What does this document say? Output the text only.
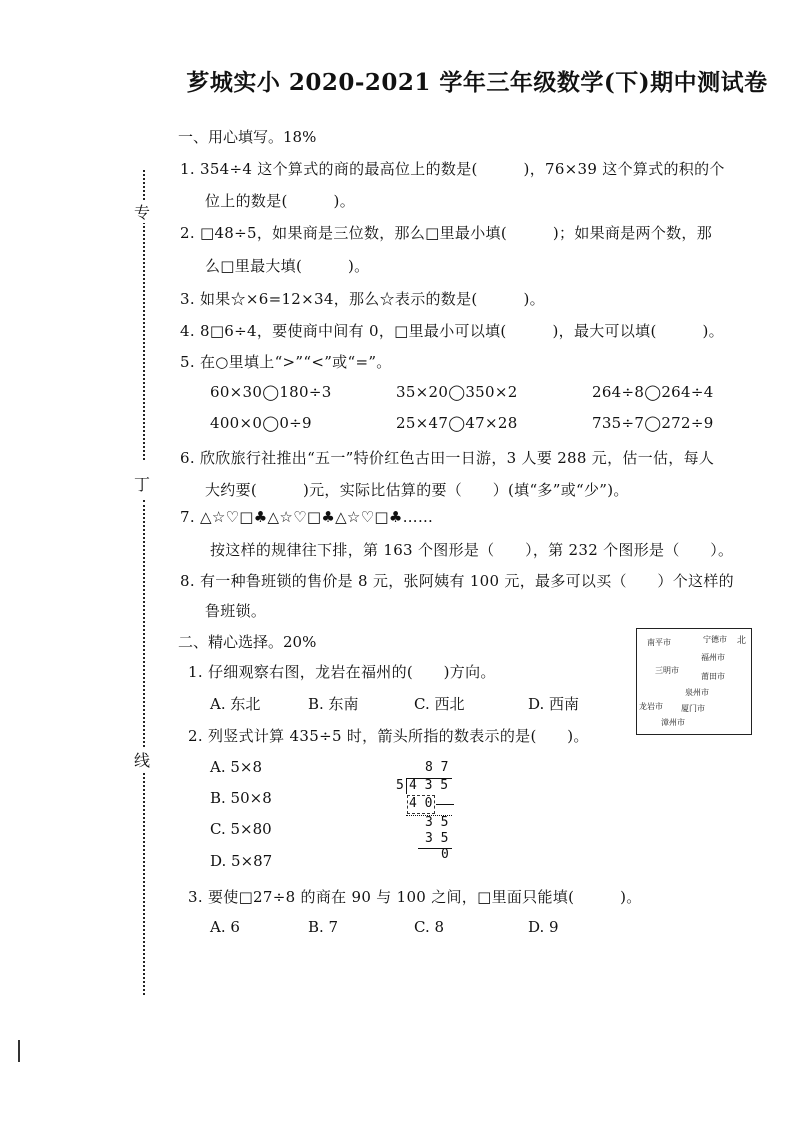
芗城实小 2020-2021 学年三年级数学(下)期中测试卷
专
丁
线
一、用心填写。18%
1. 354÷4 这个算式的商的最高位上的数是(　　　)，76×39 这个算式的积的个
位上的数是(　　　)。
2. □48÷5，如果商是三位数，那么□里最小填(　　　)；如果商是两个数，那
么□里最大填(　　　)。
3. 如果☆×6=12×34，那么☆表示的数是(　　　)。
4. 8□6÷4，要使商中间有 0，□里最小可以填(　　　)，最大可以填(　　　)。
5. 在○里填上“>”“<”或“=”。
60×30◯180÷3	35×20◯350×2	264÷8◯264÷4
400×0◯0÷9	25×47◯47×28	735÷7◯272÷9
6. 欣欣旅行社推出“五一”特价红色古田一日游，3 人要 288 元，估一估，每人
大约要(　　　)元，实际比估算的要（　　）(填“多”或“少”)。
7. △☆♡□♣△☆♡□♣△☆♡□♣……
按这样的规律往下排，第 163 个图形是（　　），第 232 个图形是（　　）。
8. 有一种鲁班锁的售价是 8 元，张阿姨有 100 元，最多可以买（　　）个这样的
鲁班锁。
二、精心选择。20%
1. 仔细观察右图，龙岩在福州的(　　)方向。
A. 东北	B. 东南	C. 西北	D. 西南
北
南平市	宁德市
福州市
三明市
莆田市
泉州市
龙岩市 厦门市
漳州市
2. 列竖式计算 435÷5 时，箭头所指的数表示的是(　　)。
A. 5×8
B. 50×8
C. 5×80
D. 5×87
8 7
5 4 3 5
4 0
3 5
3 5
0
3. 要使□27÷8 的商在 90 与 100 之间，□里面只能填(　　　)。
A. 6	B. 7	C. 8	D. 9
